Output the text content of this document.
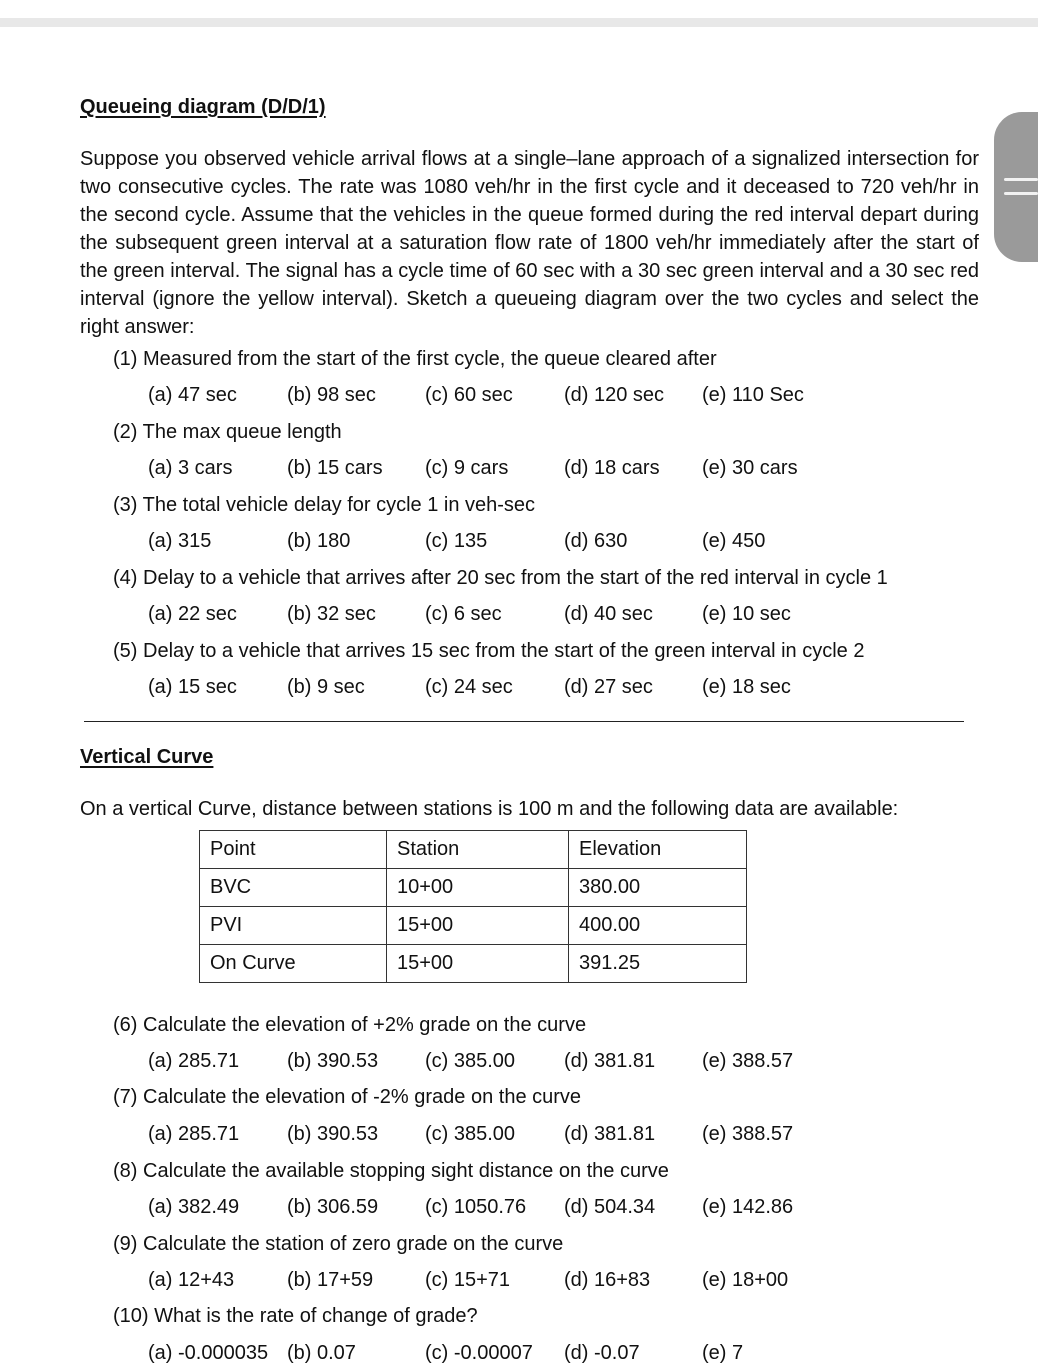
Queueing diagram (D/D/1)

Suppose you observed vehicle arrival flows at a single–lane approach of a signalized intersection for two consecutive cycles. The rate was 1080 veh/hr in the first cycle and it deceased to 720 veh/hr in the second cycle. Assume that the vehicles in the queue formed during the red interval depart during the subsequent green interval at a saturation flow rate of 1800 veh/hr immediately after the start of the green interval. The signal has a cycle time of 60 sec with a 30 sec green interval and a 30 sec red interval (ignore the yellow interval). Sketch a queueing diagram over the two cycles and select the right answer:

(1) Measured from the start of the first cycle, the queue cleared after
(a) 47 sec	(b) 98 sec (c) 60 sec	(d) 120 sec (e) 110 Sec
(2) The max queue length
(a) 3 cars	(b) 15 cars (c) 9 cars	(d) 18 cars (e) 30 cars
(3) The total vehicle delay for cycle 1 in veh-sec
(a) 315	(b) 180	(c) 135	(d) 630	(e) 450
(4) Delay to a vehicle that arrives after 20 sec from the start of the red interval in cycle 1
(a) 22 sec	(b) 32 sec (c) 6 sec	(d) 40 sec (e) 10 sec
(5) Delay to a vehicle that arrives 15 sec from the start of the green interval in cycle 2
(a) 15 sec	(b) 9 sec	(c) 24 sec	(d) 27 sec (e) 18 sec
Vertical Curve
On a vertical Curve, distance between stations is 100 m and the following data are available:
Point	Station	Elevation
BVC	10+00	380.00
PVI	15+00	400.00
On Curve	15+00	391.25
(6) Calculate the elevation of +2% grade on the curve
(a) 285.71 (b) 390.53 (c) 385.00 (d) 381.81 (e) 388.57
(7) Calculate the elevation of -2% grade on the curve
(a) 285.71 (b) 390.53 (c) 385.00 (d) 381.81 (e) 388.57
(8) Calculate the available stopping sight distance on the curve
(a) 382.49 (b) 306.59 (c) 1050.76 (d) 504.34 (e) 142.86
(9) Calculate the station of zero grade on the curve
(a) 12+43	(b) 17+59	(c) 15+71	(d) 16+83	(e) 18+00
(10) What is the rate of change of grade?
(a) -0.000035 (b) 0.07	(c) -0.00007 (d) -0.07	(e) 7
